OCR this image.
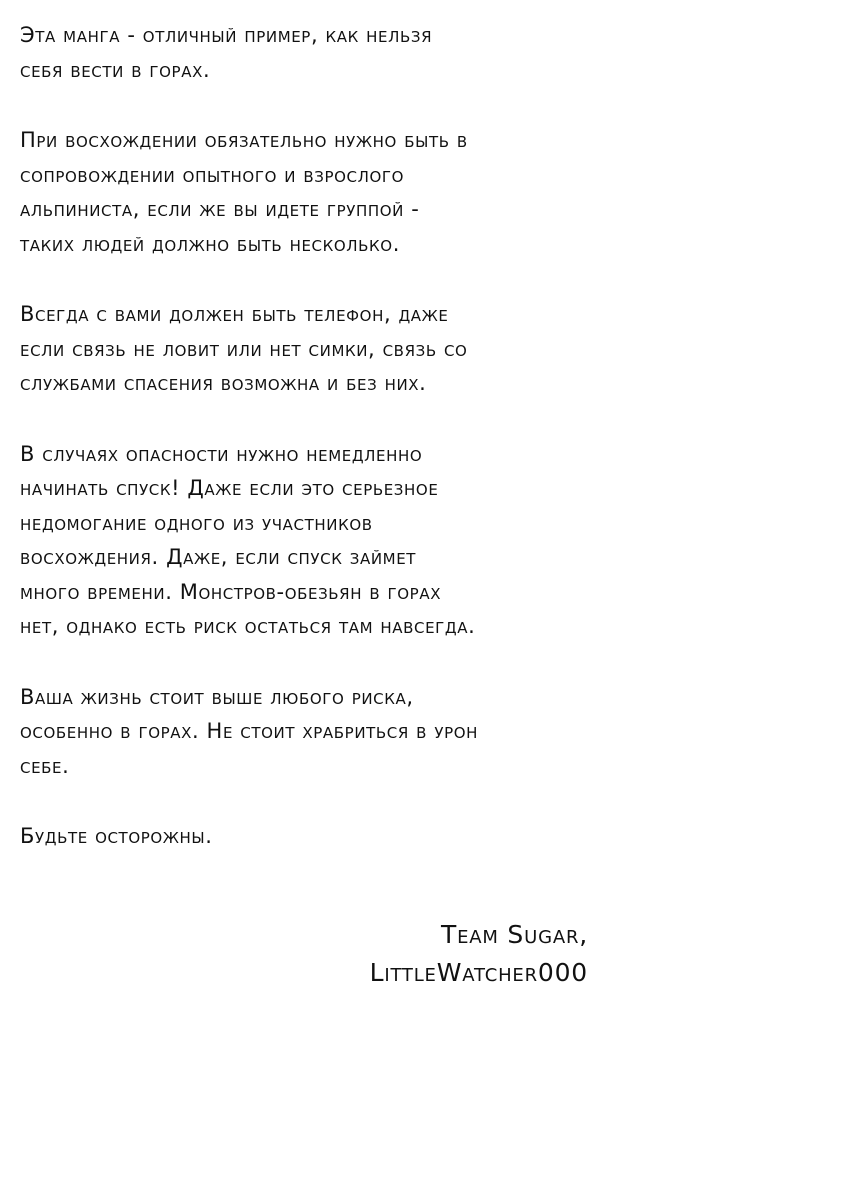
Эта манга - отличный пример, как нельзя
себя вести в горах.

При восхождении обязательно нужно быть в
сопровождении опытного и взрослого
альпиниста, если же вы идете группой -
таких людей должно быть несколько.

Всегда с вами должен быть телефон, даже
если связь не ловит или нет симки, связь со
службами спасения возможна и без них.

В случаях опасности нужно немедленно
начинать спуск! Даже если это серьезное
недомогание одного из участников
восхождения. Даже, если спуск займет
много времени. Монстров-обезьян в горах
нет, однако есть риск остаться там навсегда.

Ваша жизнь стоит выше любого риска,
особенно в горах. Не стоит храбриться в урон
себе.

Будьте осторожны.

Team Sugar,
LittleWatcher000
